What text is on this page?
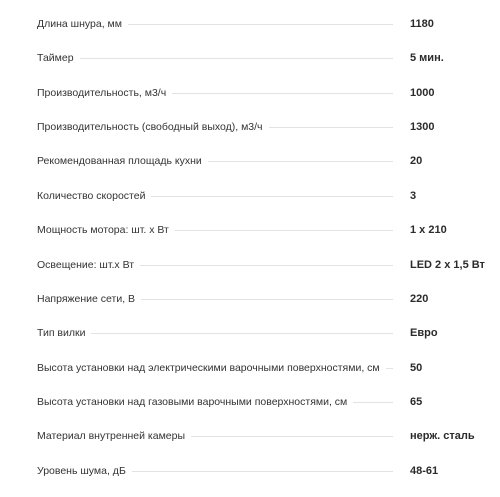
Длина шнура, мм	1180
Таймер	5 мин.
Производительность, м3/ч	1000
Производительность (свободный выход), м3/ч	1300
Рекомендованная площадь кухни	20
Количество скоростей	3
Мощность мотора: шт. х Вт	1 x 210
Освещение: шт.х Вт	LED 2 x 1,5 Вт
Напряжение сети, В	220
Тип вилки	Евро
Высота установки над электрическими варочными поверхностями, см	50
Высота установки над газовыми варочными поверхностями, см	65
Материал внутренней камеры	нерж. сталь
Уровень шума, дБ	48-61
